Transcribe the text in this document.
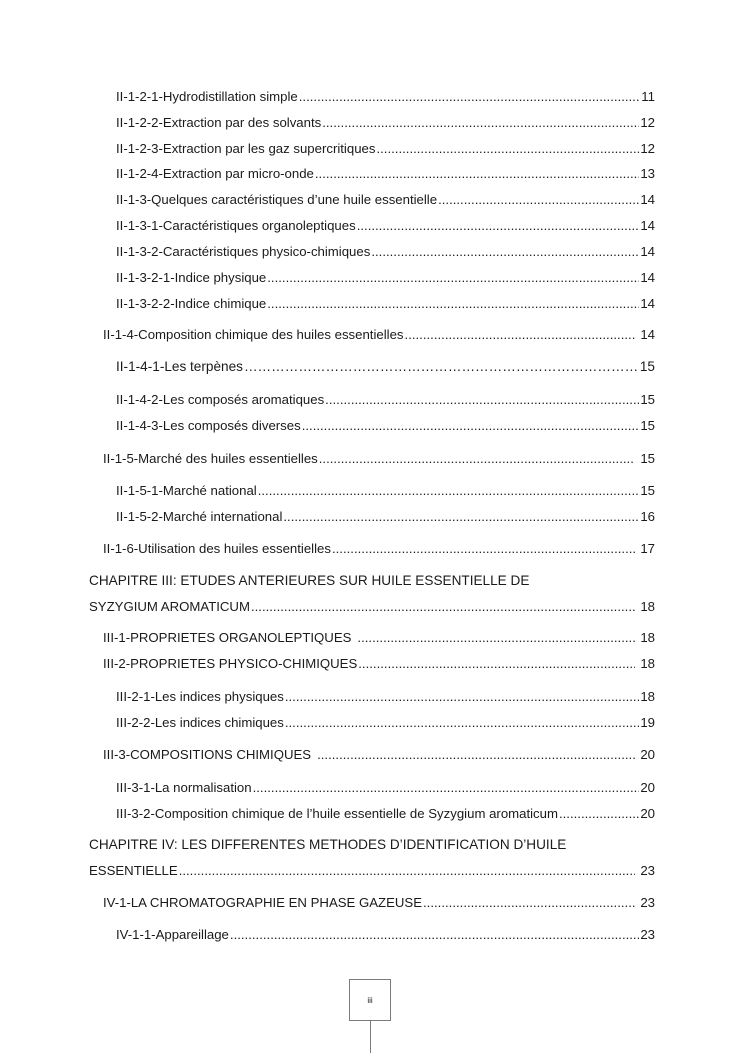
II-1-2-1-Hydrodistillation simple .....	11
II-1-2-2-Extraction par des solvants .....	12
II-1-2-3-Extraction par les gaz supercritiques .....	12
II-1-2-4-Extraction par micro-onde .....	13
II-1-3-Quelques caractéristiques d’une huile essentielle .....	14
II-1-3-1-Caractéristiques organoleptiques .....	14
II-1-3-2-Caractéristiques physico-chimiques .....	14
II-1-3-2-1-Indice physique .....	14
II-1-3-2-2-Indice chimique .....	14
II-1-4-Composition chimique des huiles essentielles .....	14
II-1-4-1-Les terpènes …………………………………………………………………………………………………………………………………………	15
II-1-4-2-Les composés aromatiques .....	15
II-1-4-3-Les composés diverses .....	15
II-1-5-Marché des huiles essentielles .....	15
II-1-5-1-Marché national .....	15
II-1-5-2-Marché international .....	16
II-1-6-Utilisation des huiles essentielles .....	17
CHAPITRE III: ETUDES ANTERIEURES SUR HUILE ESSENTIELLE DE
SYZYGIUM AROMATICUM .....	18
III-1-PROPRIETES ORGANOLEPTIQUES .....	18
III-2-PROPRIETES PHYSICO-CHIMIQUES .....	18
III-2-1-Les indices physiques .....	18
III-2-2-Les indices chimiques .....	19
III-3-COMPOSITIONS CHIMIQUES .....	20
III-3-1-La normalisation .....	20
III-3-2-Composition chimique de l’huile essentielle de Syzygium aromaticum .....	20
CHAPITRE IV: LES DIFFERENTES METHODES D’IDENTIFICATION D’HUILE
ESSENTIELLE .....	23
IV-1-LA CHROMATOGRAPHIE EN PHASE GAZEUSE .....	23
IV-1-1-Appareillage .....	23
iii
